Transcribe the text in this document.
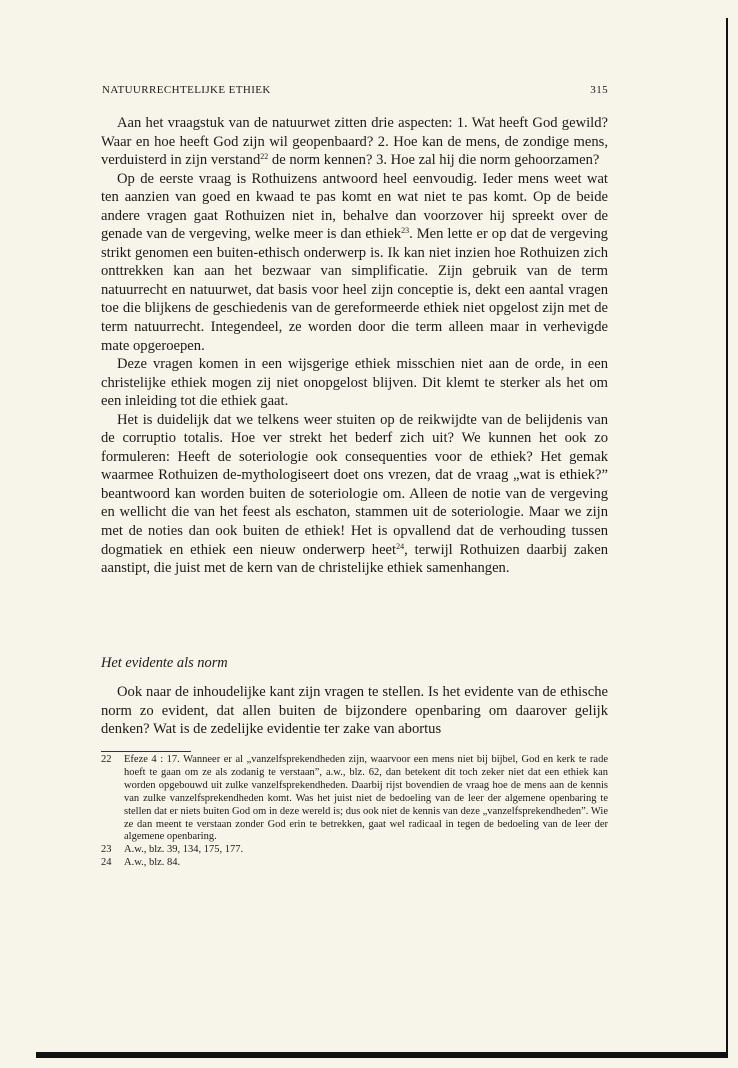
NATUURRECHTELIJKE ETHIEK	315

Aan het vraagstuk van de natuurwet zitten drie aspecten: 1. Wat heeft God gewild? Waar en hoe heeft God zijn wil geopenbaard? 2. Hoe kan de mens, de zondige mens, verduisterd in zijn verstand$^{22}$ de norm kennen? 3. Hoe zal hij die norm gehoorzamen?

Op de eerste vraag is Rothuizens antwoord heel eenvoudig. Ieder mens weet wat ten aanzien van goed en kwaad te pas komt en wat niet te pas komt. Op de beide andere vragen gaat Rothuizen niet in, behalve dan voorzover hij spreekt over de genade van de vergeving, welke meer is dan ethiek$^{23}$. Men lette er op dat de vergeving strikt genomen een buiten-ethisch onderwerp is. Ik kan niet inzien hoe Rothuizen zich onttrekken kan aan het bezwaar van simplificatie. Zijn gebruik van de term natuurrecht en natuurwet, dat basis voor heel zijn conceptie is, dekt een aantal vragen toe die blijkens de geschiedenis van de gereformeerde ethiek niet opgelost zijn met de term natuurrecht. Integendeel, ze worden door die term alleen maar in verhevigde mate opgeroepen.

Deze vragen komen in een wijsgerige ethiek misschien niet aan de orde, in een christelijke ethiek mogen zij niet onopgelost blijven. Dit klemt te sterker als het om een inleiding tot die ethiek gaat.

Het is duidelijk dat we telkens weer stuiten op de reikwijdte van de belijdenis van de corruptio totalis. Hoe ver strekt het bederf zich uit? We kunnen het ook zo formuleren: Heeft de soteriologie ook consequenties voor de ethiek? Het gemak waarmee Rothuizen de-mythologiseert doet ons vrezen, dat de vraag „wat is ethiek?” beantwoord kan worden buiten de soteriologie om. Alleen de notie van de vergeving en wellicht die van het feest als eschaton, stammen uit de soteriologie. Maar we zijn met de noties dan ook buiten de ethiek! Het is opvallend dat de verhouding tussen dogmatiek en ethiek een nieuw onderwerp heet$^{24}$, terwijl Rothuizen daarbij zaken aanstipt, die juist met de kern van de christelijke ethiek samenhangen.

Het evidente als norm

Ook naar de inhoudelijke kant zijn vragen te stellen. Is het evidente van de ethische norm zo evident, dat allen buiten de bijzondere openbaring om daarover gelijk denken? Wat is de zedelijke evidentie ter zake van abortus

22 Efeze 4 : 17. Wanneer er al „vanzelfsprekendheden zijn, waarvoor een mens niet bij bijbel, God en kerk te rade hoeft te gaan om ze als zodanig te verstaan”, a.w., blz. 62, dan betekent dit toch zeker niet dat een ethiek kan worden opgebouwd uit zulke vanzelfsprekendheden. Daarbij rijst bovendien de vraag hoe de mens aan de kennis van zulke vanzelfsprekendheden komt. Was het juist niet de bedoeling van de leer der algemene openbaring te stellen dat er niets buiten God om in deze wereld is; dus ook niet de kennis van deze „vanzelfsprekendheden”. Wie ze dan meent te verstaan zonder God erin te betrekken, gaat wel radicaal in tegen de bedoeling van de leer der algemene openbaring.
23 A.w., blz. 39, 134, 175, 177.
24 A.w., blz. 84.
